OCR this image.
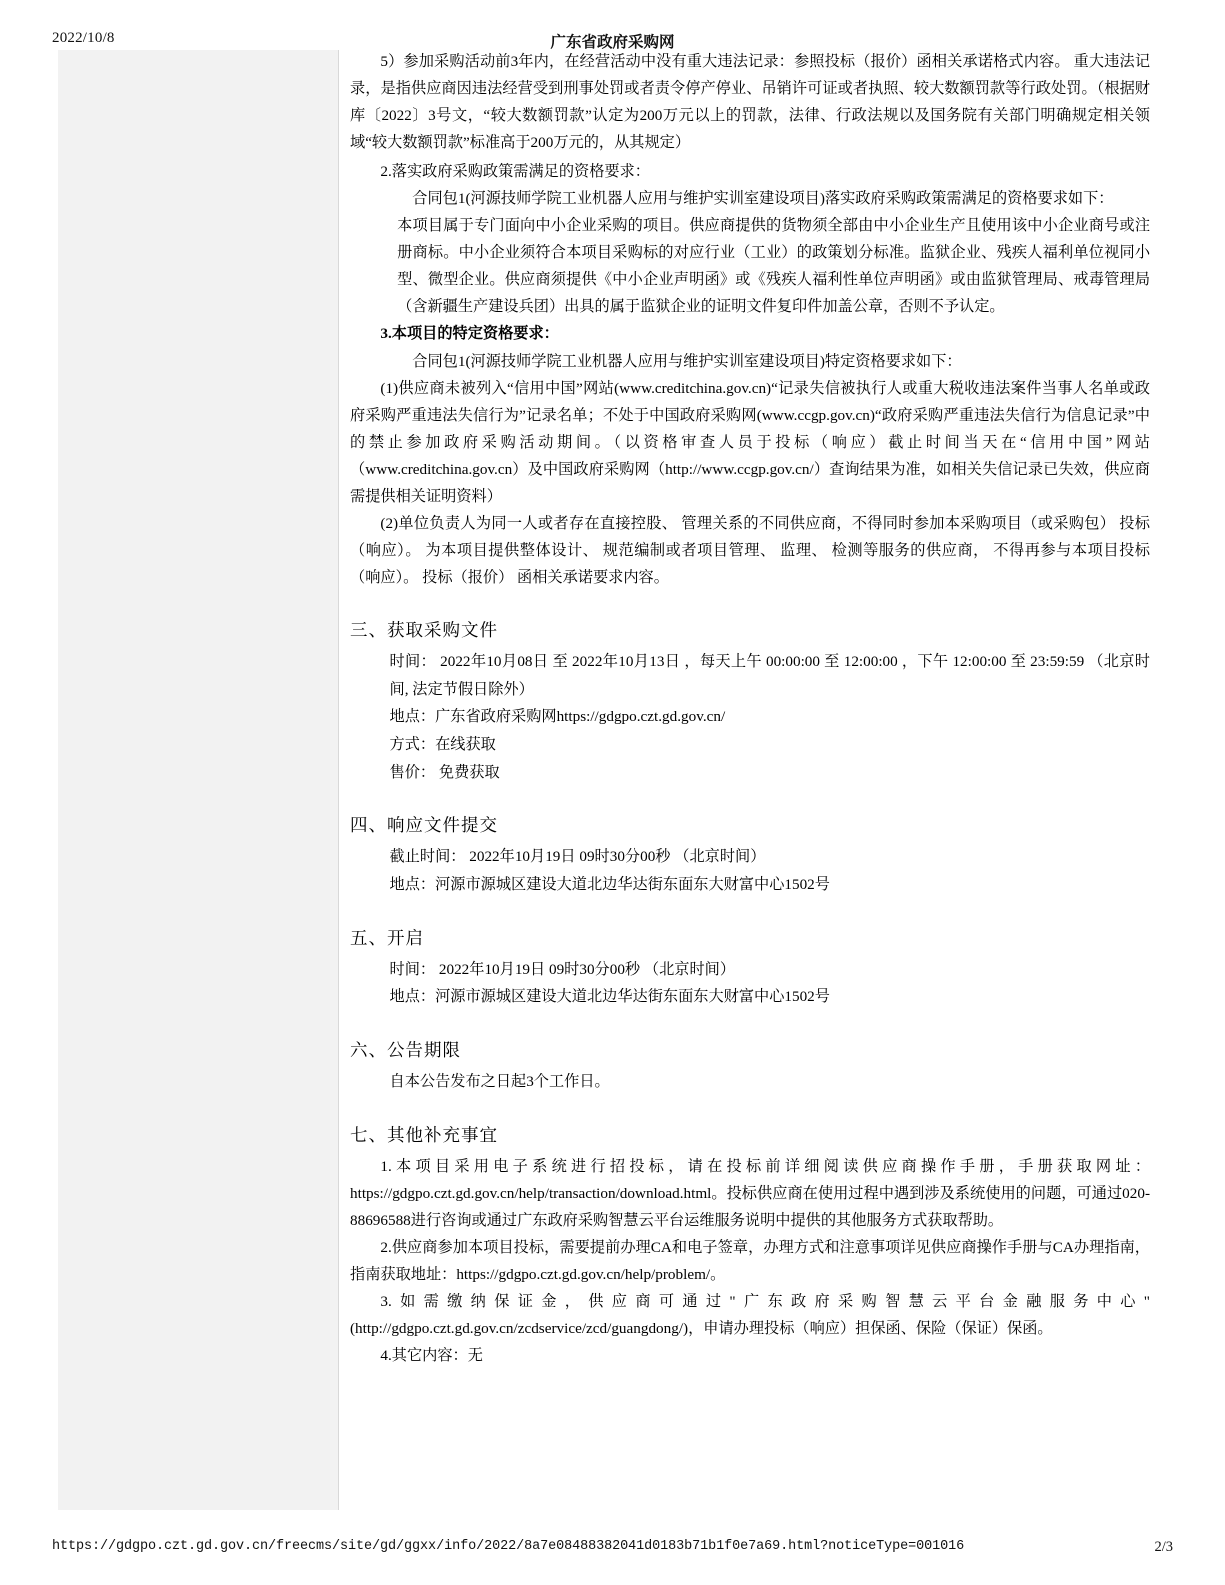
2022/10/8	广东省政府采购网

5）参加采购活动前3年内，在经营活动中没有重大违法记录：参照投标（报价）函相关承诺格式内容。 重大违法记录，是指供应商因违法经营受到刑事处罚或者责令停产停业、吊销许可证或者执照、较大数额罚款等行政处罚。（根据财库〔2022〕3号文，“较大数额罚款”认定为200万元以上的罚款，法律、行政法规以及国务院有关部门明确规定相关领域“较大数额罚款”标准高于200万元的，从其规定）

2.落实政府采购政策需满足的资格要求：

合同包1(河源技师学院工业机器人应用与维护实训室建设项目)落实政府采购政策需满足的资格要求如下：

本项目属于专门面向中小企业采购的项目。供应商提供的货物须全部由中小企业生产且使用该中小企业商号或注册商标。中小企业须符合本项目采购标的对应行业（工业）的政策划分标准。监狱企业、残疾人福利单位视同小型、微型企业。供应商须提供《中小企业声明函》或《残疾人福利性单位声明函》或由监狱管理局、戒毒管理局（含新疆生产建设兵团）出具的属于监狱企业的证明文件复印件加盖公章，否则不予认定。

3.本项目的特定资格要求：

合同包1(河源技师学院工业机器人应用与维护实训室建设项目)特定资格要求如下：

(1)供应商未被列入“信用中国”网站(www.creditchina.gov.cn)“记录失信被执行人或重大税收违法案件当事人名单或政府采购严重违法失信行为”记录名单；不处于中国政府采购网(www.ccgp.gov.cn)“政府采购严重违法失信行为信息记录”中的禁止参加政府采购活动期间。（以资格审查人员于投标（响应）截止时间当天在“信用中国”网站（www.creditchina.gov.cn）及中国政府采购网（http://www.ccgp.gov.cn/）查询结果为准，如相关失信记录已失效，供应商需提供相关证明资料）

(2)单位负责人为同一人或者存在直接控股、 管理关系的不同供应商，不得同时参加本采购项目（或采购包） 投标（响应）。 为本项目提供整体设计、 规范编制或者项目管理、 监理、 检测等服务的供应商， 不得再参与本项目投标（响应）。 投标（报价） 函相关承诺要求内容。

三、获取采购文件

时间： 2022年10月08日 至 2022年10月13日 ，每天上午 00:00:00 至 12:00:00 ，下午 12:00:00 至 23:59:59 （北京时间, 法定节假日除外）

地点：广东省政府采购网https://gdgpo.czt.gd.gov.cn/

方式：在线获取

售价： 免费获取

四、响应文件提交

截止时间： 2022年10月19日 09时30分00秒 （北京时间）

地点：河源市源城区建设大道北边华达街东面东大财富中心1502号

五、开启

时间： 2022年10月19日 09时30分00秒 （北京时间）

地点：河源市源城区建设大道北边华达街东面东大财富中心1502号

六、公告期限

自本公告发布之日起3个工作日。

七、其他补充事宜

1.本项目采用电子系统进行招投标，请在投标前详细阅读供应商操作手册，手册获取网址：https://gdgpo.czt.gd.gov.cn/help/transaction/download.html。投标供应商在使用过程中遇到涉及系统使用的问题，可通过020-88696588进行咨询或通过广东政府采购智慧云平台运维服务说明中提供的其他服务方式获取帮助。

2.供应商参加本项目投标，需要提前办理CA和电子签章，办理方式和注意事项详见供应商操作手册与CA办理指南，指南获取地址：https://gdgpo.czt.gd.gov.cn/help/problem/。

3.如需缴纳保证金，供应商可通过"广东政府采购智慧云平台金融服务中心"(http://gdgpo.czt.gd.gov.cn/zcdservice/zcd/guangdong/)，申请办理投标（响应）担保函、保险（保证）保函。

4.其它内容：无

https://gdgpo.czt.gd.gov.cn/freecms/site/gd/ggxx/info/2022/8a7e08488382041d0183b71b1f0e7a69.html?noticeType=001016	2/3
